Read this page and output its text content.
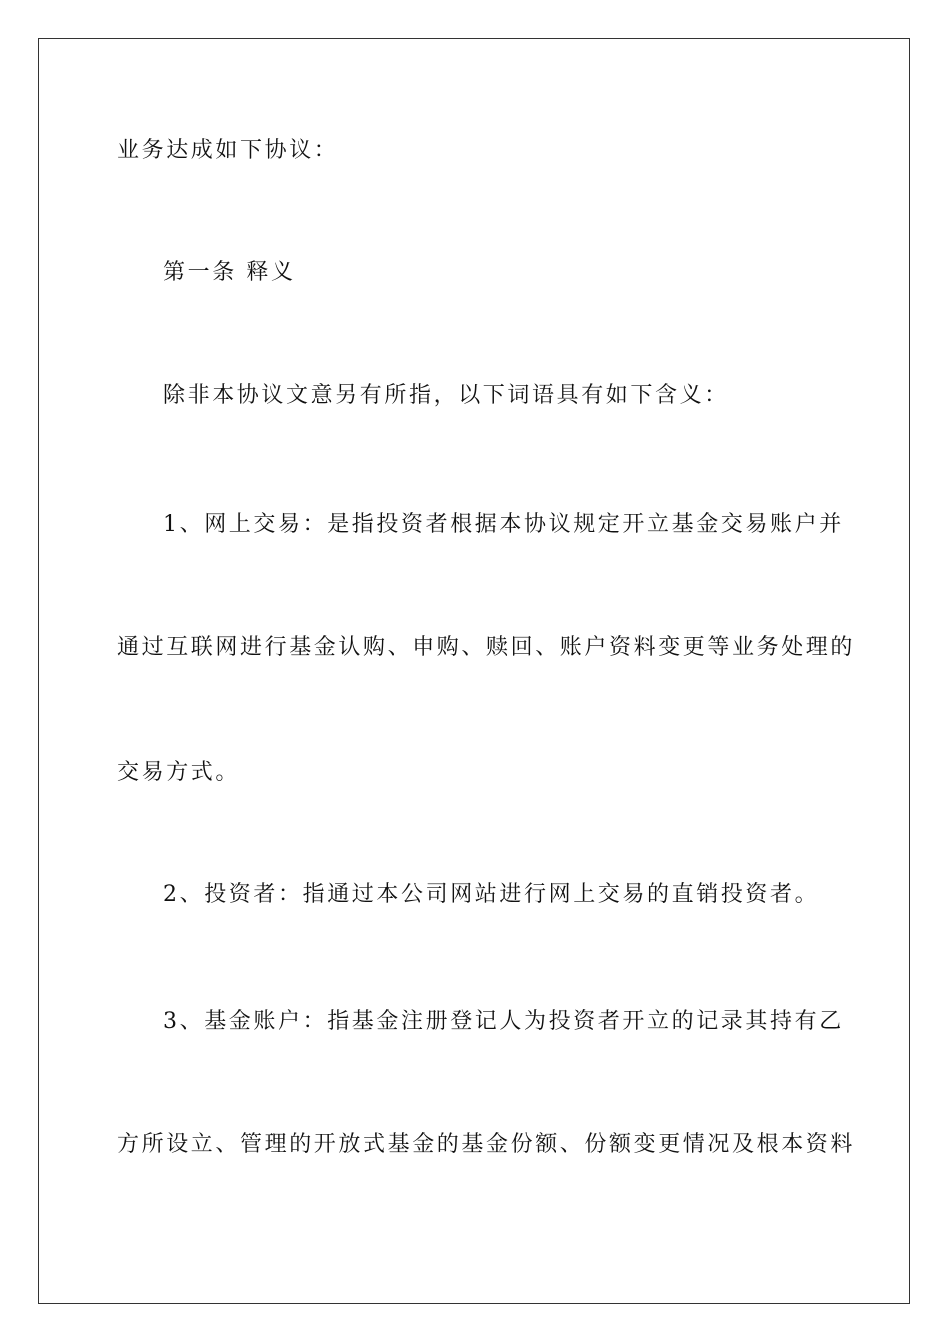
业务达成如下协议：
第一条 释义
除非本协议文意另有所指，以下词语具有如下含义：
1、网上交易：是指投资者根据本协议规定开立基金交易账户并
通过互联网进行基金认购、申购、赎回、账户资料变更等业务处理的
交易方式。
2、投资者：指通过本公司网站进行网上交易的直销投资者。
3、基金账户：指基金注册登记人为投资者开立的记录其持有乙
方所设立、管理的开放式基金的基金份额、份额变更情况及根本资料
